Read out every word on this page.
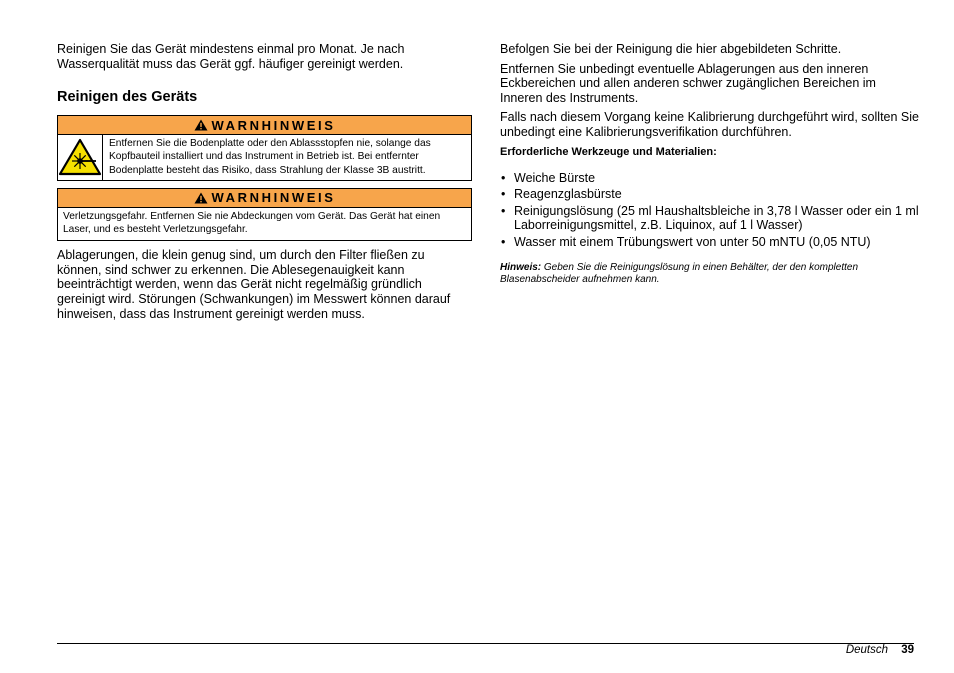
Reinigen Sie das Gerät mindestens einmal pro Monat. Je nach Wasserqualität muss das Gerät ggf. häufiger gereinigt werden.

Reinigen des Geräts
WARNHINWEIS
Entfernen Sie die Bodenplatte oder den Ablassstopfen nie, solange das Kopfbauteil installiert und das Instrument in Betrieb ist. Bei entfernter Bodenplatte besteht das Risiko, dass Strahlung der Klasse 3B austritt.
WARNHINWEIS
Verletzungsgefahr. Entfernen Sie nie Abdeckungen vom Gerät. Das Gerät hat einen Laser, und es besteht Verletzungsgefahr.

Ablagerungen, die klein genug sind, um durch den Filter fließen zu können, sind schwer zu erkennen. Die Ablesegenauigkeit kann beeinträchtigt werden, wenn das Gerät nicht regelmäßig gründlich gereinigt wird. Störungen (Schwankungen) im Messwert können darauf hinweisen, dass das Instrument gereinigt werden muss.

Befolgen Sie bei der Reinigung die hier abgebildeten Schritte.

Entfernen Sie unbedingt eventuelle Ablagerungen aus den inneren Eckbereichen und allen anderen schwer zugänglichen Bereichen im Inneren des Instruments.

Falls nach diesem Vorgang keine Kalibrierung durchgeführt wird, sollten Sie unbedingt eine Kalibrierungsverifikation durchführen.

Erforderliche Werkzeuge und Materialien:
• Weiche Bürste
• Reagenzglasbürste
• Reinigungslösung (25 ml Haushaltsbleiche in 3,78 l Wasser oder ein 1 ml Laborreinigungsmittel, z.B. Liquinox, auf 1 l Wasser)
• Wasser mit einem Trübungswert von unter 50 mNTU (0,05 NTU)
Hinweis: Geben Sie die Reinigungslösung in einen Behälter, der den kompletten Blasenabscheider aufnehmen kann.
Deutsch 39
